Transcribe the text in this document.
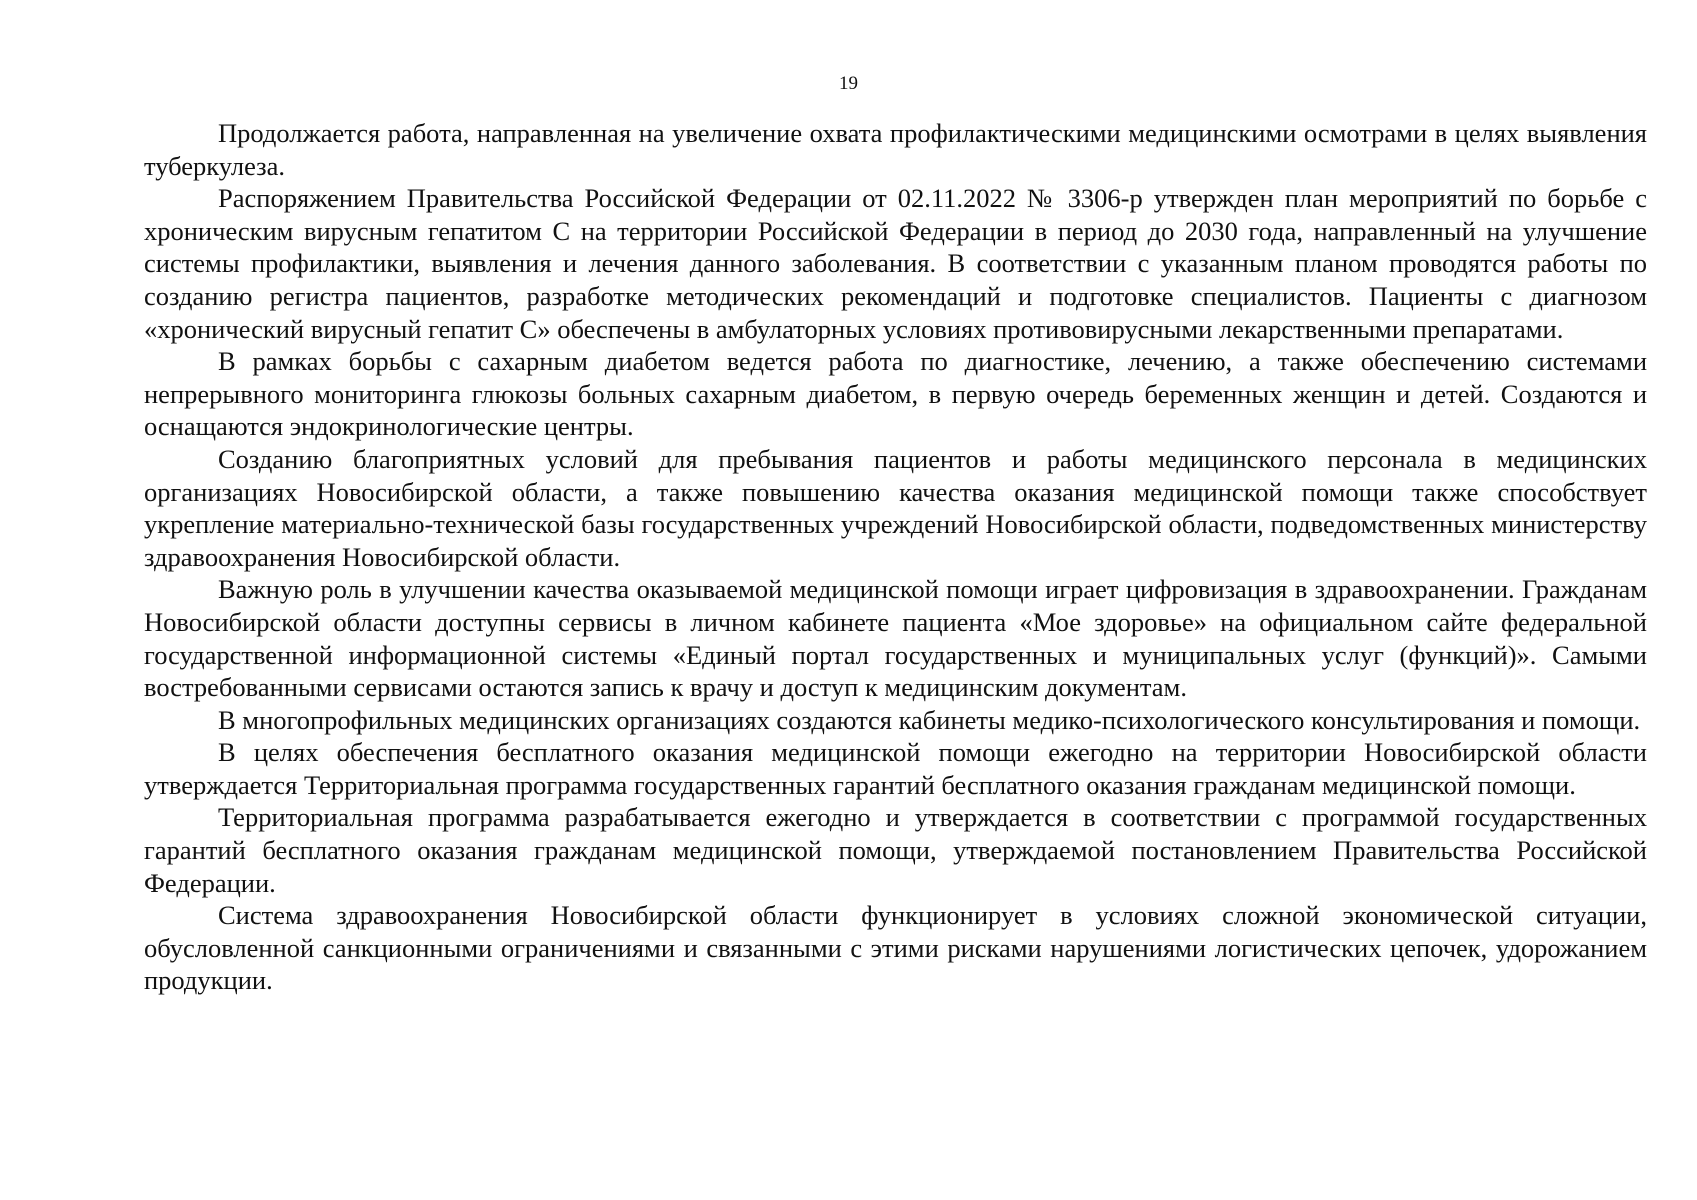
19

Продолжается работа, направленная на увеличение охвата профилактическими медицинскими осмотрами в целях выявления туберкулеза.

Распоряжением Правительства Российской Федерации от 02.11.2022 № 3306-р утвержден план мероприятий по борьбе с хроническим вирусным гепатитом С на территории Российской Федерации в период до 2030 года, направленный на улучшение системы профилактики, выявления и лечения данного заболевания. В соответствии с указанным планом проводятся работы по созданию регистра пациентов, разработке методических рекомендаций и подготовке специалистов. Пациенты с диагнозом «хронический вирусный гепатит С» обеспечены в амбулаторных условиях противовирусными лекарственными препаратами.

В рамках борьбы с сахарным диабетом ведется работа по диагностике, лечению, а также обеспечению системами непрерывного мониторинга глюкозы больных сахарным диабетом, в первую очередь беременных женщин и детей. Создаются и оснащаются эндокринологические центры.

Созданию благоприятных условий для пребывания пациентов и работы медицинского персонала в медицинских организациях Новосибирской области, а также повышению качества оказания медицинской помощи также способствует укрепление материально-технической базы государственных учреждений Новосибирской области, подведомственных министерству здравоохранения Новосибирской области.

Важную роль в улучшении качества оказываемой медицинской помощи играет цифровизация в здравоохранении. Гражданам Новосибирской области доступны сервисы в личном кабинете пациента «Мое здоровье» на официальном сайте федеральной государственной информационной системы «Единый портал государственных и муниципальных услуг (функций)». Самыми востребованными сервисами остаются запись к врачу и доступ к медицинским документам.

В многопрофильных медицинских организациях создаются кабинеты медико-психологического консультирования и помощи.

В целях обеспечения бесплатного оказания медицинской помощи ежегодно на территории Новосибирской области утверждается Территориальная программа государственных гарантий бесплатного оказания гражданам медицинской помощи.

Территориальная программа разрабатывается ежегодно и утверждается в соответствии с программой государственных гарантий бесплатного оказания гражданам медицинской помощи, утверждаемой постановлением Правительства Российской Федерации.

Система здравоохранения Новосибирской области функционирует в условиях сложной экономической ситуации, обусловленной санкционными ограничениями и связанными с этими рисками нарушениями логистических цепочек, удорожанием продукции.
